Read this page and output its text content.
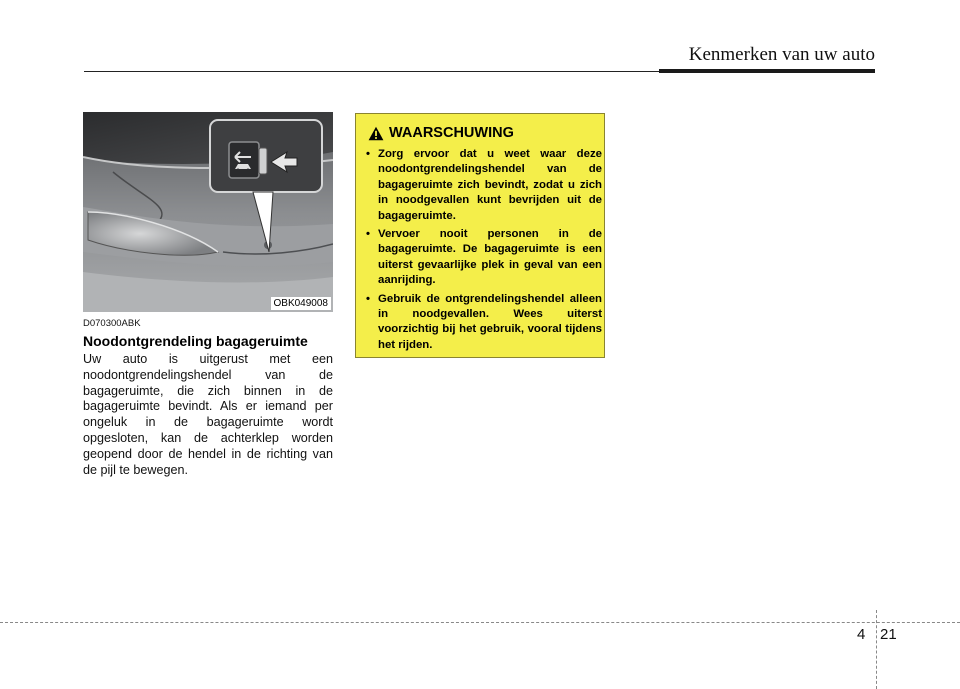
Kenmerken van uw auto
OBK049008
D070300ABK
Noodontgrendeling bagageruimte
Uw auto is uitgerust met een noodontgrendelingshendel van de bagageruimte, die zich binnen in de bagageruimte bevindt. Als er iemand per ongeluk in de bagageruimte wordt opgesloten, kan de achterklep worden geopend door de hendel in de richting van de pijl te bewegen.
WAARSCHUWING
• Zorg ervoor dat u weet waar deze noodontgrendelingshendel van de bagageruimte zich bevindt, zodat u zich in noodgevallen kunt bevrijden uit de bagageruimte.
• Vervoer nooit personen in de bagageruimte. De bagageruimte is een uiterst gevaarlijke plek in geval van een aanrijding.
• Gebruik de ontgrendelingshendel alleen in noodgevallen. Wees uiterst voorzichtig bij het gebruik, vooral tijdens het rijden.
4 21
